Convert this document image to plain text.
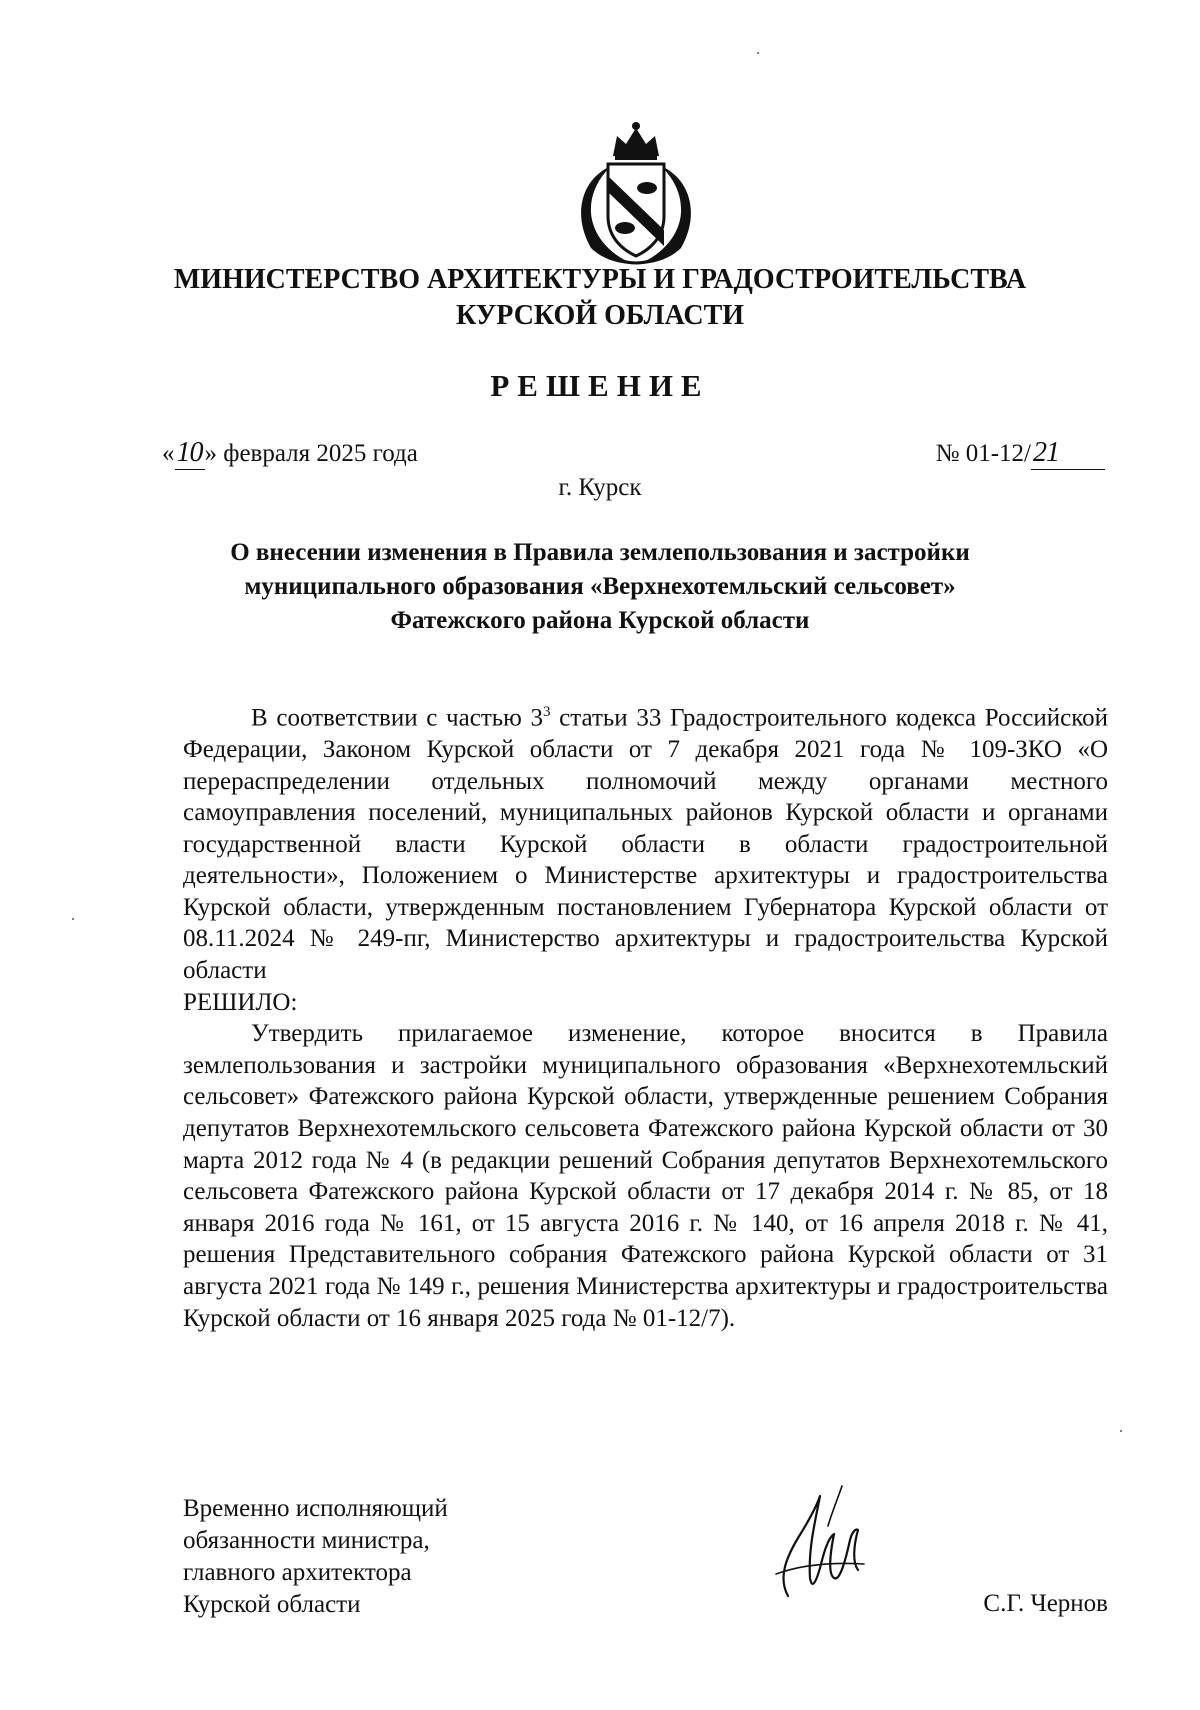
МИНИСТЕРСТВО АРХИТЕКТУРЫ И ГРАДОСТРОИТЕЛЬСТВА
КУРСКОЙ ОБЛАСТИ
РЕШЕНИЕ
«10» февраля 2025 года	№ 01-12/21
г. Курск
О внесении изменения в Правила землепользования и застройки
муниципального образования «Верхнехотемльский сельсовет»
Фатежского района Курской области

В соответствии с частью $3^3$ статьи 33 Градостроительного кодекса Российской Федерации, Законом Курской области от 7 декабря 2021 года № 109-ЗКО «О перераспределении отдельных полномочий между органами местного самоуправления поселений, муниципальных районов Курской области и органами государственной власти Курской области в области градостроительной деятельности», Положением о Министерстве архитектуры и градостроительства Курской области, утвержденным постановлением Губернатора Курской области от 08.11.2024 № 249-пг, Министерство архитектуры и градостроительства Курской области

РЕШИЛО:

Утвердить прилагаемое изменение, которое вносится в Правила землепользования и застройки муниципального образования «Верхнехотемльский сельсовет» Фатежского района Курской области, утвержденные решением Собрания депутатов Верхнехотемльского сельсовета Фатежского района Курской области от 30 марта 2012 года № 4 (в редакции решений Собрания депутатов Верхнехотемльского сельсовета Фатежского района Курской области от 17 декабря 2014 г. № 85, от 18 января 2016 года № 161, от 15 августа 2016 г. № 140, от 16 апреля 2018 г. № 41, решения Представительного собрания Фатежского района Курской области от 31 августа 2021 года № 149 г., решения Министерства архитектуры и градостроительства Курской области от 16 января 2025 года № 01-12/7).

Временно исполняющий
обязанности министра,
главного архитектора
Курской области	С.Г. Чернов
